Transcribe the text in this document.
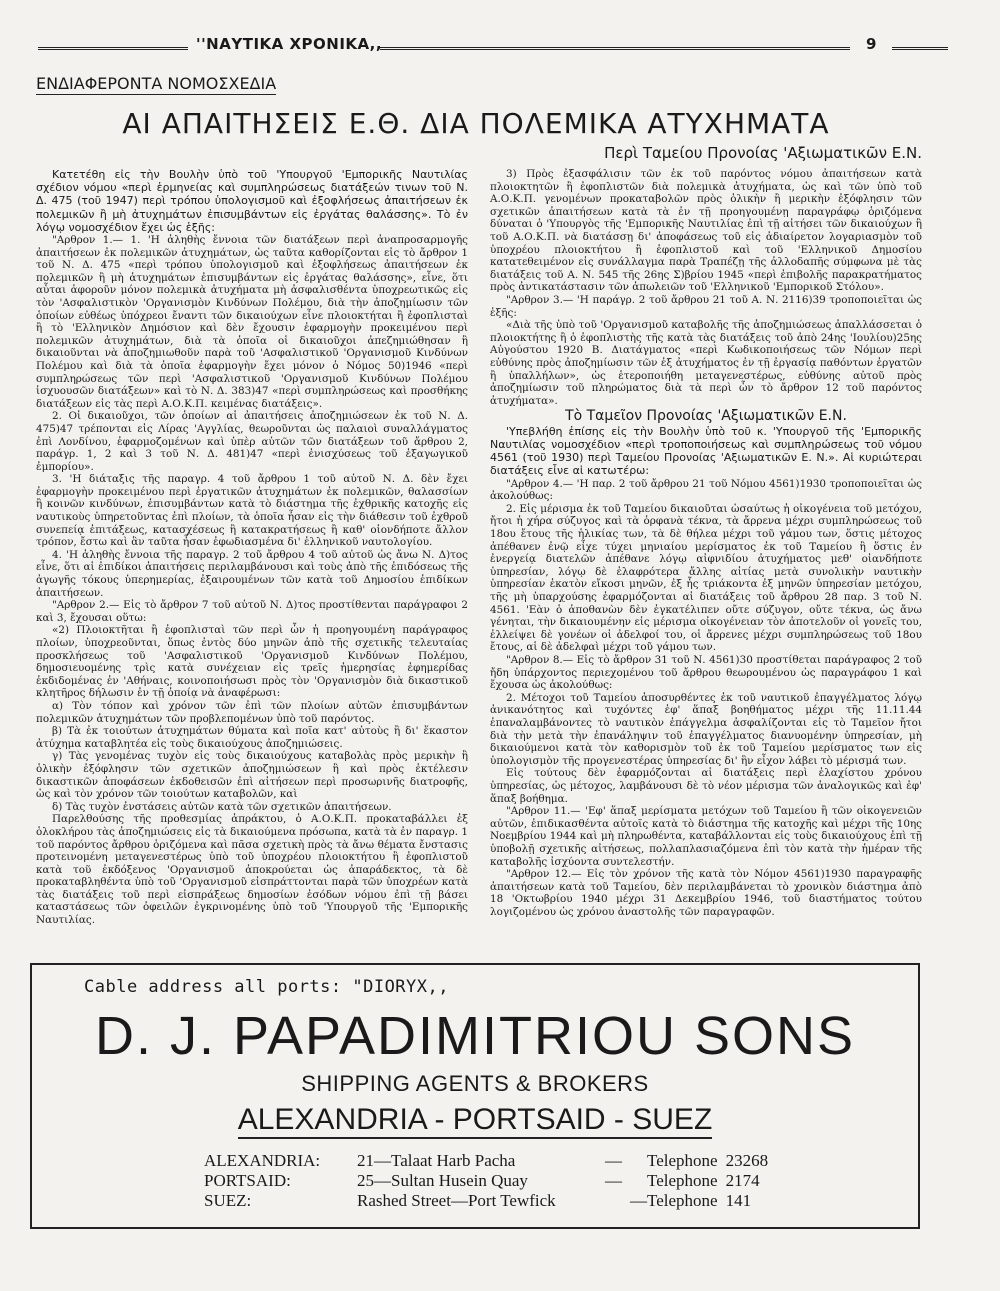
''ΝΑΥΤΙΚΑ ΧΡΟΝΙΚΑ,,	9
ΕΝΔΙΑΦΕΡΟΝΤΑ ΝΟΜΟΣΧΕΔΙΑ
ΑΙ ΑΠΑΙΤΗΣΕΙΣ Ε.Θ. ΔΙΑ ΠΟΛΕΜΙΚΑ ΑΤΥΧΗΜΑΤΑ
Περὶ Ταμείου Προνοίας 'Αξιωματικῶν Ε.Ν.

Κατετέθη εἰς τὴν Βουλὴν ὑπὸ τοῦ 'Υπουργοῦ 'Εμπορικῆς Ναυτιλίας σχέδιον νόμου «περὶ ἑρμηνείας καὶ συμπληρώσεως διατάξεών τινων τοῦ Ν. Δ. 475 (τοῦ 1947) περὶ τρόπου ὑπολογισμοῦ καὶ ἐξοφλήσεως ἀπαιτήσεων ἐκ πολεμικῶν ἢ μὴ ἀτυχημάτων ἐπισυμβάντων εἰς ἐργάτας θαλάσσης». Τὸ ἐν λόγῳ νομοσχέδιον ἔχει ὡς ἑξῆς:

"Αρθρον 1.— 1. 'Η ἀληθὴς ἔννοια τῶν διατάξεων περὶ ἀναπροσαρμογῆς ἀπαιτήσεων ἐκ πολεμικῶν ἀτυχημάτων, ὡς ταῦτα καθορίζονται εἰς τὸ ἄρθρον 1 τοῦ Ν. Δ. 475 «περὶ τρόπου ὑπολογισμοῦ καὶ ἐξοφλήσεως ἀπαιτήσεων ἐκ πολεμικῶν ἢ μὴ ἀτυχημάτων ἐπισυμβάντων εἰς ἐργάτας θαλάσσης», εἶνε, ὅτι αὗται ἀφοροῦν μόνον πολεμικὰ ἀτυχήματα μὴ ἀσφαλισθέντα ὑποχρεωτικῶς εἰς τὸν 'Ασφαλιστικὸν 'Οργανισμὸν Κινδύνων Πολέμου, διὰ τὴν ἀποζημίωσιν τῶν ὁποίων εὐθέως ὑπόχρεοι ἔναντι τῶν δικαιούχων εἶνε πλοιοκτήται ἢ ἐφοπλισταὶ ἢ τὸ 'Ελληνικὸν Δημόσιον καὶ δὲν ἔχουσιν ἐφαρμογὴν προκειμένου περὶ πολεμικῶν ἀτυχημάτων, διὰ τὰ ὁποῖα οἱ δικαιοῦχοι ἀπεζημιώθησαν ἢ δικαιοῦνται νὰ ἀποζημιωθοῦν παρὰ τοῦ 'Ασφαλιστικοῦ 'Οργανισμοῦ Κινδύνων Πολέμου καὶ διὰ τὰ ὁποῖα ἐφαρμογὴν ἔχει μόνον ὁ Νόμος 50)1946 «περὶ συμπληρώσεως τῶν περὶ 'Ασφαλιστικοῦ 'Οργανισμοῦ Κινδύνων Πολέμου ἰσχυουσῶν διατάξεων» καὶ τὸ Ν. Δ. 383)47 «περὶ συμπληρώσεως καὶ προσθήκης διατάξεων εἰς τὰς περὶ Α.Ο.Κ.Π. κειμένας διατάξεις».

2. Οἱ δικαιοῦχοι, τῶν ὁποίων αἱ ἀπαιτήσεις ἀποζημιώσεων ἐκ τοῦ Ν. Δ. 475)47 τρέπονται εἰς Λίρας 'Αγγλίας, θεωροῦνται ὡς παλαιοὶ συναλλάγματος ἐπὶ Λονδίνου, ἐφαρμοζομένων καὶ ὑπὲρ αὐτῶν τῶν διατάξεων τοῦ ἄρθρου 2, παράγρ. 1, 2 καὶ 3 τοῦ Ν. Δ. 481)47 «περὶ ἐνισχύσεως τοῦ ἐξαγωγικοῦ ἐμπορίου».

3. 'Η διάταξις τῆς παραγρ. 4 τοῦ ἄρθρου 1 τοῦ αὐτοῦ Ν. Δ. δὲν ἔχει ἐφαρμογὴν προκειμένου περὶ ἐργατικῶν ἀτυχημάτων ἐκ πολεμικῶν, θαλασσίων ἢ κοινῶν κινδύνων, ἐπισυμβάντων κατὰ τὸ διάστημα τῆς ἐχθρικῆς κατοχῆς εἰς ναυτικοὺς ὑπηρετοῦντας ἐπὶ πλοίων, τὰ ὁποῖα ἦσαν εἰς τὴν διάθεσιν τοῦ ἐχθροῦ συνεπείᾳ ἐπιτάξεως, κατασχέσεως ἢ κατακρατήσεως ἢ καθ' οἱονδήποτε ἄλλον τρόπον, ἔστω καὶ ἂν ταῦτα ἦσαν ἐφωδιασμένα δι' ἑλληνικοῦ ναυτολογίου.

4. 'Η ἀληθὴς ἔννοια τῆς παραγρ. 2 τοῦ ἄρθρου 4 τοῦ αὐτοῦ ὡς ἄνω Ν. Δ)τος εἶνε, ὅτι αἱ ἐπιδίκοι ἀπαιτήσεις περιλαμβάνουσι καὶ τοὺς ἀπὸ τῆς ἐπιδόσεως τῆς ἀγωγῆς τόκους ὑπερημερίας, ἐξαιρουμένων τῶν κατὰ τοῦ Δημοσίου ἐπιδίκων ἀπαιτήσεων.

"Αρθρον 2.— Εἰς τὸ ἄρθρον 7 τοῦ αὐτοῦ Ν. Δ)τος προστίθενται παράγραφοι 2 καὶ 3, ἔχουσαι οὕτω:

«2) Πλοιοκτῆται ἢ ἐφοπλισταὶ τῶν περὶ ὧν ἡ προηγουμένη παράγραφος πλοίων, ὑποχρεοῦνται, ὅπως ἐντὸς δύο μηνῶν ἀπὸ τῆς σχετικῆς τελευταίας προσκλήσεως τοῦ 'Ασφαλιστικοῦ 'Οργανισμοῦ Κινδύνων Πολέμου, δημοσιευομένης τρὶς κατὰ συνέχειαν εἰς τρεῖς ἡμερησίας ἐφημερίδας ἐκδιδομένας ἐν 'Αθήναις, κοινοποιήσωσι πρὸς τὸν 'Οργανισμὸν διὰ δικαστικοῦ κλητῆρος δήλωσιν ἐν τῇ ὁποίᾳ νὰ ἀναφέρωσι:

α) Τὸν τόπον καὶ χρόνον τῶν ἐπὶ τῶν πλοίων αὐτῶν ἐπισυμβάντων πολεμικῶν ἀτυχημάτων τῶν προβλεπομένων ὑπὸ τοῦ παρόντος.

β) Τὰ ἐκ τοιούτων ἀτυχημάτων θύματα καὶ ποῖα κατ' αὐτοὺς ἢ δι' ἕκαστον ἀτύχημα καταβλητέα εἰς τοὺς δικαιούχους ἀποζημιώσεις.

γ) Τὰς γενομένας τυχὸν εἰς τοὺς δικαιούχους καταβολὰς πρὸς μερικὴν ἢ ὁλικὴν ἐξόφλησιν τῶν σχετικῶν ἀποζημιώσεων ἢ καὶ πρὸς ἐκτέλεσιν δικαστικῶν ἀποφάσεων ἐκδοθεισῶν ἐπὶ αἰτήσεων περὶ προσωρινῆς διατροφῆς, ὡς καὶ τὸν χρόνον τῶν τοιούτων καταβολῶν, καὶ

δ) Τὰς τυχὸν ἐνστάσεις αὐτῶν κατὰ τῶν σχετικῶν ἀπαιτήσεων.

Παρελθούσης τῆς προθεσμίας ἀπράκτου, ὁ Α.Ο.Κ.Π. προκαταβάλλει ἐξ ὁλοκλήρου τὰς ἀποζημιώσεις εἰς τὰ δικαιούμενα πρόσωπα, κατὰ τὰ ἐν παραγρ. 1 τοῦ παρόντος ἄρθρου ὁριζόμενα καὶ πᾶσα σχετικὴ πρὸς τὰ ἄνω θέματα ἔνστασις προτεινομένη μεταγενεστέρως ὑπὸ τοῦ ὑποχρέου πλοιοκτήτου ἢ ἐφοπλιστοῦ κατὰ τοῦ ἐκδόξενος 'Οργανισμοῦ ἀποκρούεται ὡς ἀπαράδεκτος, τὰ δὲ προκαταβληθέντα ὑπὸ τοῦ 'Οργανισμοῦ εἰσπράττονται παρὰ τῶν ὑποχρέων κατὰ τὰς διατάξεις τοῦ περὶ εἰσπράξεως δημοσίων ἐσόδων νόμου ἐπὶ τῇ βάσει καταστάσεως τῶν ὀφειλῶν ἐγκρινομένης ὑπὸ τοῦ 'Υπουργοῦ τῆς 'Εμπορικῆς Ναυτιλίας.

3) Πρὸς ἐξασφάλισιν τῶν ἐκ τοῦ παρόντος νόμου ἀπαιτήσεων κατὰ πλοιοκτητῶν ἢ ἐφοπλιστῶν διὰ πολεμικὰ ἀτυχήματα, ὡς καὶ τῶν ὑπὸ τοῦ Α.Ο.Κ.Π. γενομένων προκαταβολῶν πρὸς ὁλικὴν ἢ μερικὴν ἐξόφλησιν τῶν σχετικῶν ἀπαιτήσεων κατὰ τὰ ἐν τῇ προηγουμένῃ παραγράφῳ ὁριζόμενα δύναται ὁ 'Υπουργὸς τῆς 'Εμπορικῆς Ναυτιλίας ἐπὶ τῇ αἰτήσει τῶν δικαιούχων ἢ τοῦ Α.Ο.Κ.Π. νὰ διατάσσῃ δι' ἀποφάσεως τοῦ εἰς ἀδιαίρετον λογαριασμὸν τοῦ ὑποχρέου πλοιοκτήτου ἢ ἐφοπλιστοῦ καὶ τοῦ 'Ελληνικοῦ Δημοσίου κατατεθειμένον εἰς συνάλλαγμα παρὰ Τραπέζῃ τῆς ἀλλοδαπῆς σύμφωνα μὲ τὰς διατάξεις τοῦ Α. Ν. 545 τῆς 26ης Σ)βρίου 1945 «περὶ ἐπιβολῆς παρακρατήματος πρὸς ἀντικατάστασιν τῶν ἀπωλειῶν τοῦ 'Ελληνικοῦ 'Εμπορικοῦ Στόλου».

"Αρθρον 3.— 'Η παράγρ. 2 τοῦ ἄρθρου 21 τοῦ Α. Ν. 2116)39 τροποποιεῖται ὡς ἑξῆς:

«Διὰ τῆς ὑπὸ τοῦ 'Οργανισμοῦ καταβολῆς τῆς ἀποζημιώσεως ἀπαλλάσσεται ὁ πλοιοκτήτης ἢ ὁ ἐφοπλιστὴς τῆς κατὰ τὰς διατάξεις τοῦ ἀπὸ 24ης 'Ιουλίου)25ης Αὐγούστου 1920 Β. Διατάγματος «περὶ Κωδικοποιήσεως τῶν Νόμων περὶ εὐθύνης πρὸς ἀποζημίωσιν τῶν ἐξ ἀτυχήματος ἐν τῇ ἐργασίᾳ παθόντων ἐργατῶν ἢ ὑπαλλήλων», ὡς ἑτεροποιήθη μεταγενεστέρως, εὐθύνης αὐτοῦ πρὸς ἀποζημίωσιν τοῦ πληρώματος διὰ τὰ περὶ ὧν τὸ ἄρθρον 12 τοῦ παρόντος ἀτυχήματα».

Τὸ Ταμεῖον Προνοίας 'Αξιωματικῶν Ε.Ν.

'Υπεβλήθη ἐπίσης εἰς τὴν Βουλὴν ὑπὸ τοῦ κ. 'Υπουργοῦ τῆς 'Εμπορικῆς Ναυτιλίας νομοσχέδιον «περὶ τροποποιήσεως καὶ συμπληρώσεως τοῦ νόμου 4561 (τοῦ 1930) περὶ Ταμείου Προνοίας 'Αξιωματικῶν Ε. Ν.». Αἱ κυριώτεραι διατάξεις εἶνε αἱ κατωτέρω:

"Αρθρον 4.— 'Η παρ. 2 τοῦ ἄρθρου 21 τοῦ Νόμου 4561)1930 τροποποιεῖται ὡς ἀκολούθως:

2. Εἰς μέρισμα ἐκ τοῦ Ταμείου δικαιοῦται ὡσαύτως ἡ οἰκογένεια τοῦ μετόχου, ἤτοι ἡ χήρα σύζυγος καὶ τὰ ὀρφανὰ τέκνα, τὰ ἄρρενα μέχρι συμπληρώσεως τοῦ 18ου ἔτους τῆς ἡλικίας των, τὰ δὲ θήλεα μέχρι τοῦ γάμου των, ὅστις μέτοχος ἀπέθανεν ἐνῷ εἶχε τύχει μηνιαίου μερίσματος ἐκ τοῦ Ταμείου ἢ ὅστις ἐν ἐνεργείᾳ διατελῶν ἀπέθανε λόγῳ αἰφνιδίου ἀτυχήματος μεθ' οἱανδήποτε ὑπηρεσίαν, λόγῳ δὲ ἑλαφρότερα ἄλλης αἰτίας μετὰ συνολικὴν ναυτικὴν ὑπηρεσίαν ἑκατὸν εἴκοσι μηνῶν, ἐξ ἧς τριάκοντα ἐξ μηνῶν ὑπηρεσίαν μετόχου, τῆς μὴ ὑπαρχούσης ἐφαρμόζονται αἱ διατάξεις τοῦ ἄρθρου 28 παρ. 3 τοῦ Ν. 4561. 'Εὰν ὁ ἀποθανὼν δὲν ἐγκατέλιπεν οὔτε σύζυγον, οὔτε τέκνα, ὡς ἄνω γένηται, τὴν δικαιουμένην εἰς μέρισμα οἰκογένειαν τὸν ἀποτελοῦν οἱ γονεῖς του, ἐλλείψει δὲ γονέων οἱ ἀδελφοί του, οἱ ἄρρενες μέχρι συμπληρώσεως τοῦ 18ου ἔτους, αἱ δὲ ἀδελφαὶ μέχρι τοῦ γάμου των.

"Αρθρον 8.— Εἰς τὸ ἄρθρον 31 τοῦ Ν. 4561)30 προστίθεται παράγραφος 2 τοῦ ἤδη ὑπάρχοντος περιεχομένου τοῦ ἄρθρου θεωρουμένου ὡς παραγράφου 1 καὶ ἔχουσα ὡς ἀκολούθως:

2. Μέτοχοι τοῦ Ταμείου ἀποσυρθέντες ἐκ τοῦ ναυτικοῦ ἐπαγγέλματος λόγῳ ἀνικανότητος καὶ τυχόντες ἐφ' ἅπαξ βοηθήματος μέχρι τῆς 11.11.44 ἐπαναλαμβάνοντες τὸ ναυτικὸν ἐπάγγελμα ἀσφαλίζονται εἰς τὸ Ταμεῖον ἤτοι διὰ τὴν μετὰ τὴν ἐπανάληψιν τοῦ ἐπαγγέλματος διανυομένην ὑπηρεσίαν, μὴ δικαιούμενοι κατὰ τὸν καθορισμὸν τοῦ ἐκ τοῦ Ταμείου μερίσματος των εἰς ὑπολογισμὸν τῆς προγενεστέρας ὑπηρεσίας δι' ἣν εἶχον λάβει τὸ μέρισμά των.

Εἰς τούτους δὲν ἐφαρμόζονται αἱ διατάξεις περὶ ἐλαχίστου χρόνου ὑπηρεσίας, ὡς μέτοχος, λαμβάνουσι δὲ τὸ νέον μέρισμα τῶν ἀναλογικῶς καὶ ἐφ' ἅπαξ βοήθημα.

"Αρθρον 11.— 'Εφ' ἅπαξ μερίσματα μετόχων τοῦ Ταμείου ἢ τῶν οἰκογενειῶν αὐτῶν, ἐπιδικασθέντα αὐτοῖς κατὰ τὸ διάστημα τῆς κατοχῆς καὶ μέχρι τῆς 10ης Νοεμβρίου 1944 καὶ μὴ πληρωθέντα, καταβάλλονται εἰς τοὺς δικαιούχους ἐπὶ τῇ ὑποβολῇ σχετικῆς αἰτήσεως, πολλαπλασιαζόμενα ἐπὶ τὸν κατὰ τὴν ἡμέραν τῆς καταβολῆς ἰσχύοντα συντελεστήν.

"Αρθρον 12.— Εἰς τὸν χρόνον τῆς κατὰ τὸν Νόμον 4561)1930 παραγραφῆς ἀπαιτήσεων κατὰ τοῦ Ταμείου, δὲν περιλαμβάνεται τὸ χρονικὸν διάστημα ἀπὸ 18 'Οκτωβρίου 1940 μέχρι 31 Δεκεμβρίου 1946, τοῦ διαστήματος τούτου λογιζομένου ὡς χρόνου ἀναστολῆς τῶν παραγραφῶν.

Cable address all ports: "DIORYX,,
D. J. PAPADIMITRIOU SONS
SHIPPING AGENTS & BROKERS
ALEXANDRIA - PORTSAID - SUEZ
ALEXANDRIA:	21—Talaat Harb Pacha	—	Telephone	23268
PORTSAID:	25—Sultan Husein Quay	—	Telephone	2174
SUEZ:	Rashed Street—Port Tewfick		—Telephone	141
